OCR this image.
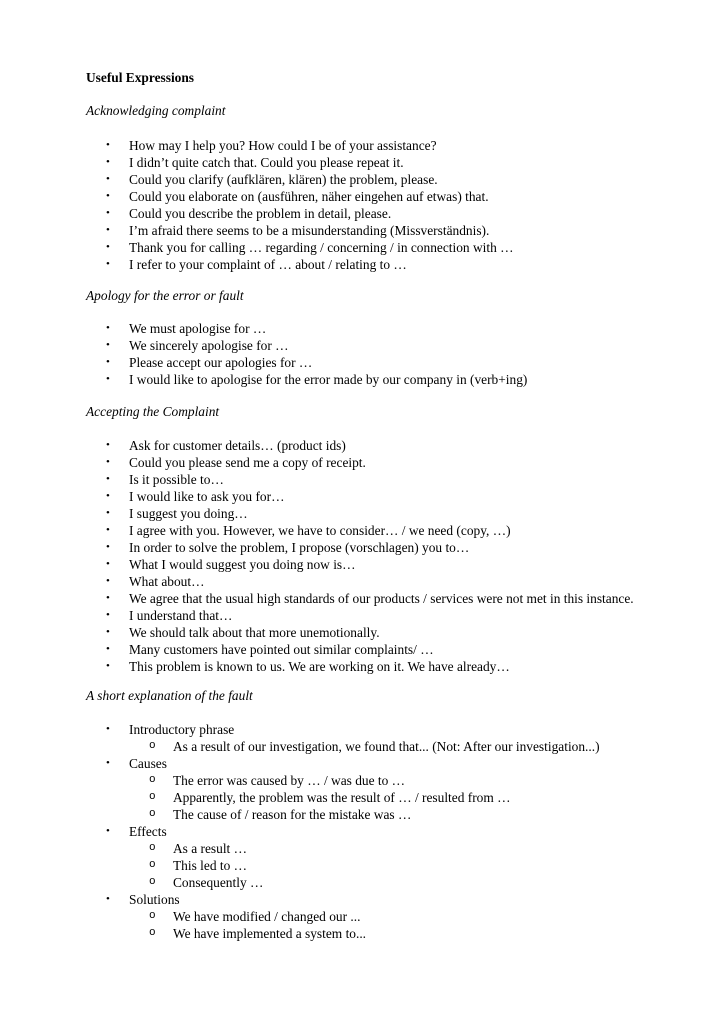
Useful Expressions
Acknowledging complaint
• How may I help you? How could I be of your assistance?
• I didn’t quite catch that. Could you please repeat it.
• Could you clarify (aufklären, klären) the problem, please.
• Could you elaborate on (ausführen, näher eingehen auf etwas) that.
• Could you describe the problem in detail, please.
• I’m afraid there seems to be a misunderstanding (Missverständnis).
• Thank you for calling … regarding / concerning / in connection with …
• I refer to your complaint of … about / relating to …
Apology for the error or fault
• We must apologise for …
• We sincerely apologise for …
• Please accept our apologies for …
• I would like to apologise for the error made by our company in (verb+ing)
Accepting the Complaint
• Ask for customer details… (product ids)
• Could you please send me a copy of receipt.
• Is it possible to…
• I would like to ask you for…
• I suggest you doing…
• I agree with you. However, we have to consider… / we need (copy, …)
• In order to solve the problem, I propose (vorschlagen) you to…
• What I would suggest you doing now is…
• What about…
• We agree that the usual high standards of our products / services were not met in this instance.
• I understand that…
• We should talk about that more unemotionally.
• Many customers have pointed out similar complaints/ …
• This problem is known to us. We are working on it. We have already…
A short explanation of the fault
• Introductory phrase
o As a result of our investigation, we found that... (Not: After our investigation...)
• Causes
o The error was caused by … / was due to …
o Apparently, the problem was the result of … / resulted from …
o The cause of / reason for the mistake was …
• Effects
o As a result …
o This led to …
o Consequently …
• Solutions
o We have modified / changed our ...
o We have implemented a system to...
